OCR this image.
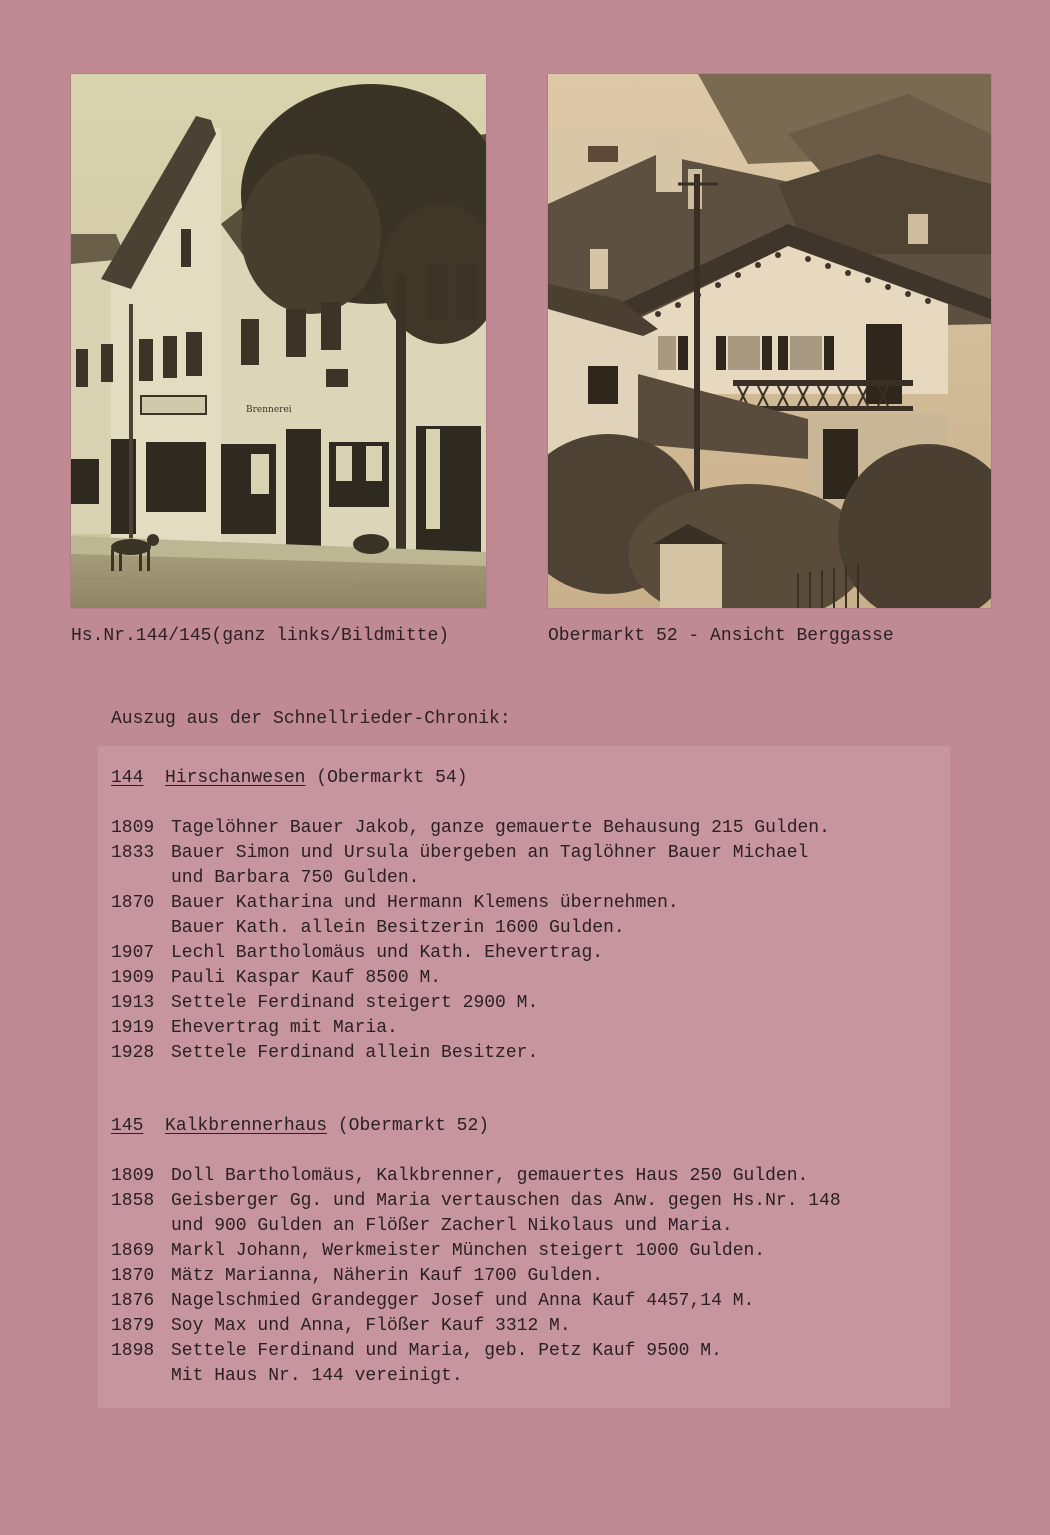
Brennerei
Hs.Nr.144/145(ganz links/Bildmitte)	Obermarkt 52 - Ansicht Berggasse
Auszug aus der Schnellrieder-Chronik:
144 Hirschanwesen (Obermarkt 54)
1809 Tagelöhner Bauer Jakob, ganze gemauerte Behausung 215 Gulden.
1833 Bauer Simon und Ursula übergeben an Taglöhner Bauer Michael
und Barbara 750 Gulden.
1870 Bauer Katharina und Hermann Klemens übernehmen.
Bauer Kath. allein Besitzerin 1600 Gulden.
1907 Lechl Bartholomäus und Kath. Ehevertrag.
1909 Pauli Kaspar Kauf 8500 M.
1913 Settele Ferdinand steigert 2900 M.
1919 Ehevertrag mit Maria.
1928 Settele Ferdinand allein Besitzer.
145 Kalkbrennerhaus (Obermarkt 52)
1809 Doll Bartholomäus, Kalkbrenner, gemauertes Haus 250 Gulden.
1858 Geisberger Gg. und Maria vertauschen das Anw. gegen Hs.Nr. 148
und 900 Gulden an Flößer Zacherl Nikolaus und Maria.
1869 Markl Johann, Werkmeister München steigert 1000 Gulden.
1870 Mätz Marianna, Näherin Kauf 1700 Gulden.
1876 Nagelschmied Grandegger Josef und Anna Kauf 4457,14 M.
1879 Soy Max und Anna, Flößer Kauf 3312 M.
1898 Settele Ferdinand und Maria, geb. Petz Kauf 9500 M.
Mit Haus Nr. 144 vereinigt.
